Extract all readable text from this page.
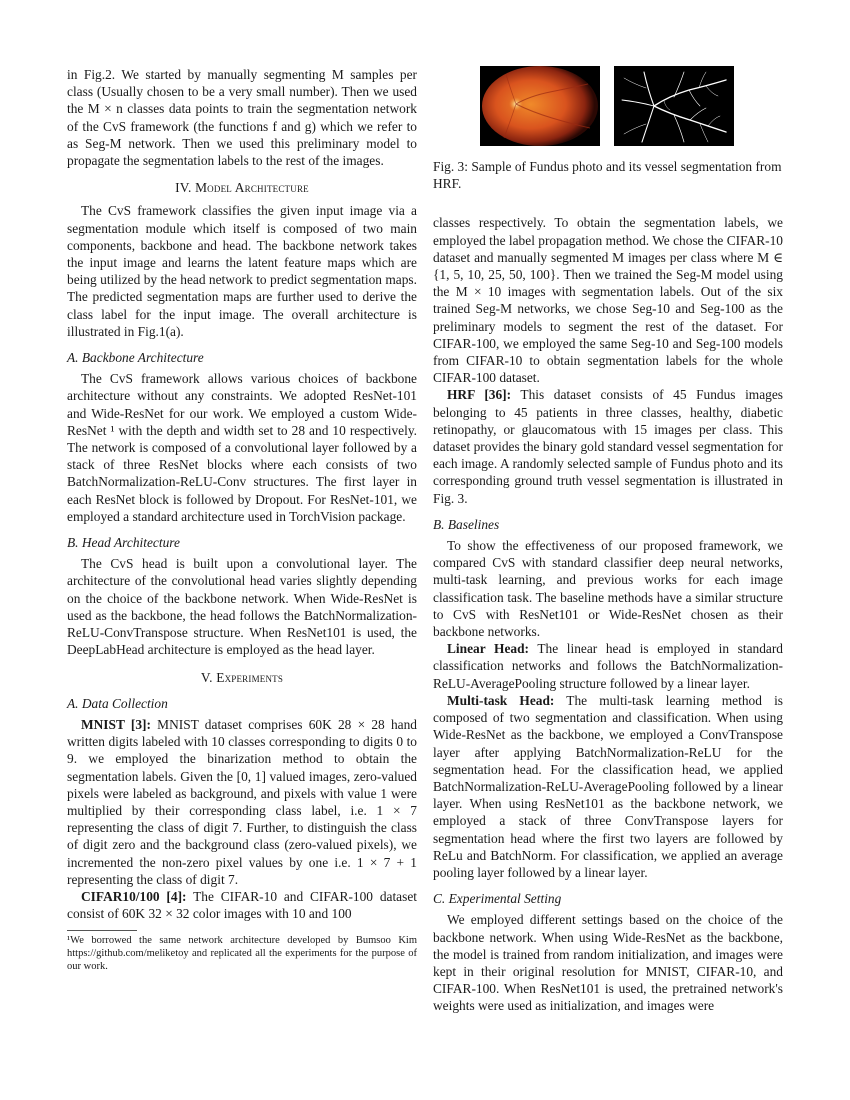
in Fig.2. We started by manually segmenting M samples per class (Usually chosen to be a very small number). Then we used the M × n classes data points to train the segmentation network of the CvS framework (the functions f and g) which we refer to as Seg-M network. Then we used this preliminary model to propagate the segmentation labels to the rest of the images.

IV. Model Architecture

The CvS framework classifies the given input image via a segmentation module which itself is composed of two main components, backbone and head. The backbone network takes the input image and learns the latent feature maps which are being utilized by the head network to predict segmentation maps. The predicted segmentation maps are further used to derive the class label for the input image. The overall architecture is illustrated in Fig.1(a).

A. Backbone Architecture

The CvS framework allows various choices of backbone architecture without any constraints. We adopted ResNet-101 and Wide-ResNet for our work. We employed a custom Wide-ResNet ¹ with the depth and width set to 28 and 10 respectively. The network is composed of a convolutional layer followed by a stack of three ResNet blocks where each consists of two BatchNormalization-ReLU-Conv structures. The first layer in each ResNet block is followed by Dropout. For ResNet-101, we employed a standard architecture used in TorchVision package.

B. Head Architecture

The CvS head is built upon a convolutional layer. The architecture of the convolutional head varies slightly depending on the choice of the backbone network. When Wide-ResNet is used as the backbone, the head follows the BatchNormalization-ReLU-ConvTranspose structure. When ResNet101 is used, the DeepLabHead architecture is employed as the head layer.

V. Experiments
A. Data Collection

MNIST [3]: MNIST dataset comprises 60K 28 × 28 hand written digits labeled with 10 classes corresponding to digits 0 to 9. we employed the binarization method to obtain the segmentation labels. Given the [0, 1] valued images, zero-valued pixels were labeled as background, and pixels with value 1 were multiplied by their corresponding class label, i.e. 1 × 7 representing the class of digit 7. Further, to distinguish the class of digit zero and the background class (zero-valued pixels), we incremented the non-zero pixel values by one i.e. 1 × 7 + 1 representing the class of digit 7.

CIFAR10/100 [4]: The CIFAR-10 and CIFAR-100 dataset consist of 60K 32 × 32 color images with 10 and 100

¹We borrowed the same network architecture developed by Bumsoo Kim https://github.com/meliketoy and replicated all the experiments for the purpose of our work.
Fig. 3: Sample of Fundus photo and its vessel segmentation from HRF.

classes respectively. To obtain the segmentation labels, we employed the label propagation method. We chose the CIFAR-10 dataset and manually segmented M images per class where M ∈ {1, 5, 10, 25, 50, 100}. Then we trained the Seg-M model using the M × 10 images with segmentation labels. Out of the six trained Seg-M networks, we chose Seg-10 and Seg-100 as the preliminary models to segment the rest of the dataset. For CIFAR-100, we employed the same Seg-10 and Seg-100 models from CIFAR-10 to obtain segmentation labels for the whole CIFAR-100 dataset.

HRF [36]: This dataset consists of 45 Fundus images belonging to 45 patients in three classes, healthy, diabetic retinopathy, or glaucomatous with 15 images per class. This dataset provides the binary gold standard vessel segmentation for each image. A randomly selected sample of Fundus photo and its corresponding ground truth vessel segmentation is illustrated in Fig. 3.

B. Baselines

To show the effectiveness of our proposed framework, we compared CvS with standard classifier deep neural networks, multi-task learning, and previous works for each image classification task. The baseline methods have a similar structure to CvS with ResNet101 or Wide-ResNet chosen as their backbone networks.

Linear Head: The linear head is employed in standard classification networks and follows the BatchNormalization-ReLU-AveragePooling structure followed by a linear layer.

Multi-task Head: The multi-task learning method is composed of two segmentation and classification. When using Wide-ResNet as the backbone, we employed a ConvTranspose layer after applying BatchNormalization-ReLU for the segmentation head. For the classification head, we applied BatchNormalization-ReLU-AveragePooling followed by a linear layer. When using ResNet101 as the backbone network, we employed a stack of three ConvTranspose layers for segmentation head where the first two layers are followed by ReLu and BatchNorm. For classification, we applied an average pooling layer followed by a linear layer.

C. Experimental Setting

We employed different settings based on the choice of the backbone network. When using Wide-ResNet as the backbone, the model is trained from random initialization, and images were kept in their original resolution for MNIST, CIFAR-10, and CIFAR-100. When ResNet101 is used, the pretrained network's weights were used as initialization, and images were
